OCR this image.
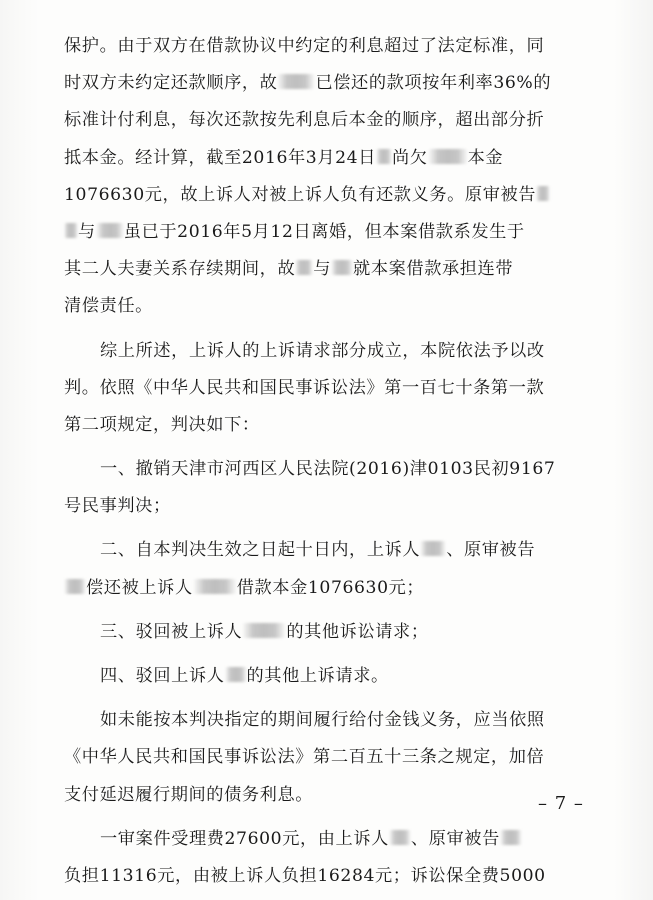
保护。由于双方在借款协议中约定的利息超过了法定标准，同
时双方未约定还款顺序，故 已偿还的款项按年利率36%的
标准计付利息，每次还款按先利息后本金的顺序，超出部分折
抵本金。经计算，截至2016年3月24日 尚欠 本金
1076630元，故上诉人对被上诉人负有还款义务。原审被告
与 虽已于2016年5月12日离婚，但本案借款系发生于
其二人夫妻关系存续期间，故 与 就本案借款承担连带
清偿责任。
综上所述，上诉人的上诉请求部分成立，本院依法予以改
判。依照《中华人民共和国民事诉讼法》第一百七十条第一款
第二项规定，判决如下：
一、撤销天津市河西区人民法院(2016)津0103民初9167
号民事判决；
二、自本判决生效之日起十日内，上诉人 、原审被告
偿还被上诉人	借款本金1076630元；
三、驳回被上诉人	的其他诉讼请求；
四、驳回上诉人 的其他上诉请求。
如未能按本判决指定的期间履行给付金钱义务，应当依照
《中华人民共和国民事诉讼法》第二百五十三条之规定，加倍
支付延迟履行期间的债务利息。
一审案件受理费27600元，由上诉人 、原审被告
负担11316元，由被上诉人负担16284元；诉讼保全费5000
– 7 –
